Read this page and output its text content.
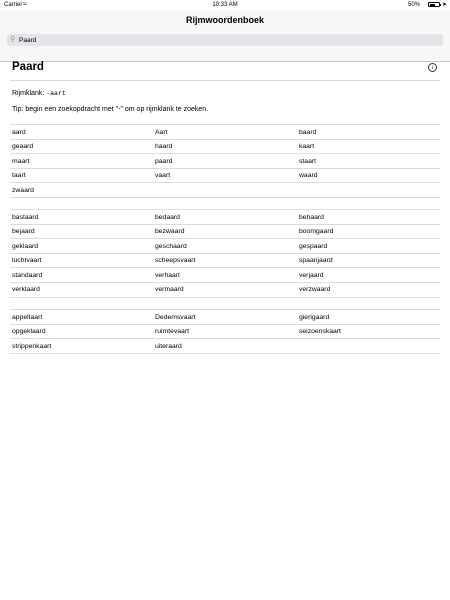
Carrier ≈	10:33 AM	50%	➤
Rijmwoordenboek
⚲
Paard
Paard	i
Rijmklank: -aart
Tip: begin een zoekopdracht met "-" om op rijmklank te zoeken.
aard	Aart	baard
geaard	haard	kaart
maart	paard	staart
taart	vaart	waard
zwaard
bastaard	bedaard	behaard
bejaard	bezwaard	boomgaard
geklaard	geschaard	gespaard
luchtvaart	scheepsvaart	spaanjaard
standaard	verhaart	verjaard
verklaard	vermaard	verzwaard
appeltaart	Dedemsvaart	gierigaard
opgeklaard	ruimtevaart	seizoenskaart
strippenkaart	uiteraard
